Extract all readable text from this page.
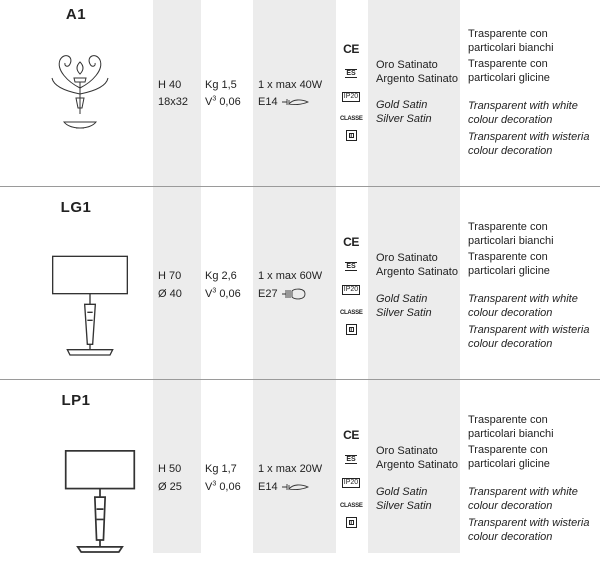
A1
H 40
18x32
Kg 1,5
$V^3$ 0,06
1 x max 40W
E14
CE
ES
IP20
CLASSE I
Oro Satinato
Argento Satinato
Gold Satin
Silver Satin
Trasparente con
particolari bianchi
Trasparente con
particolari glicine
Transparent with white
colour decoration
Transparent with wisteria
colour decoration
LG1
H 70
Ø 40
Kg 2,6
$V^3$ 0,06
1 x max 60W
E27
CE
ES
IP20
CLASSE I
Oro Satinato
Argento Satinato
Gold Satin
Silver Satin
Trasparente con
particolari bianchi
Trasparente con
particolari glicine
Transparent with white
colour decoration
Transparent with wisteria
colour decoration
LP1
H 50
Ø 25
Kg 1,7
$V^3$ 0,06
1 x max 20W
E14
CE
ES
IP20
CLASSE I
Oro Satinato
Argento Satinato
Gold Satin
Silver Satin
Trasparente con
particolari bianchi
Trasparente con
particolari glicine
Transparent with white
colour decoration
Transparent with wisteria
colour decoration
